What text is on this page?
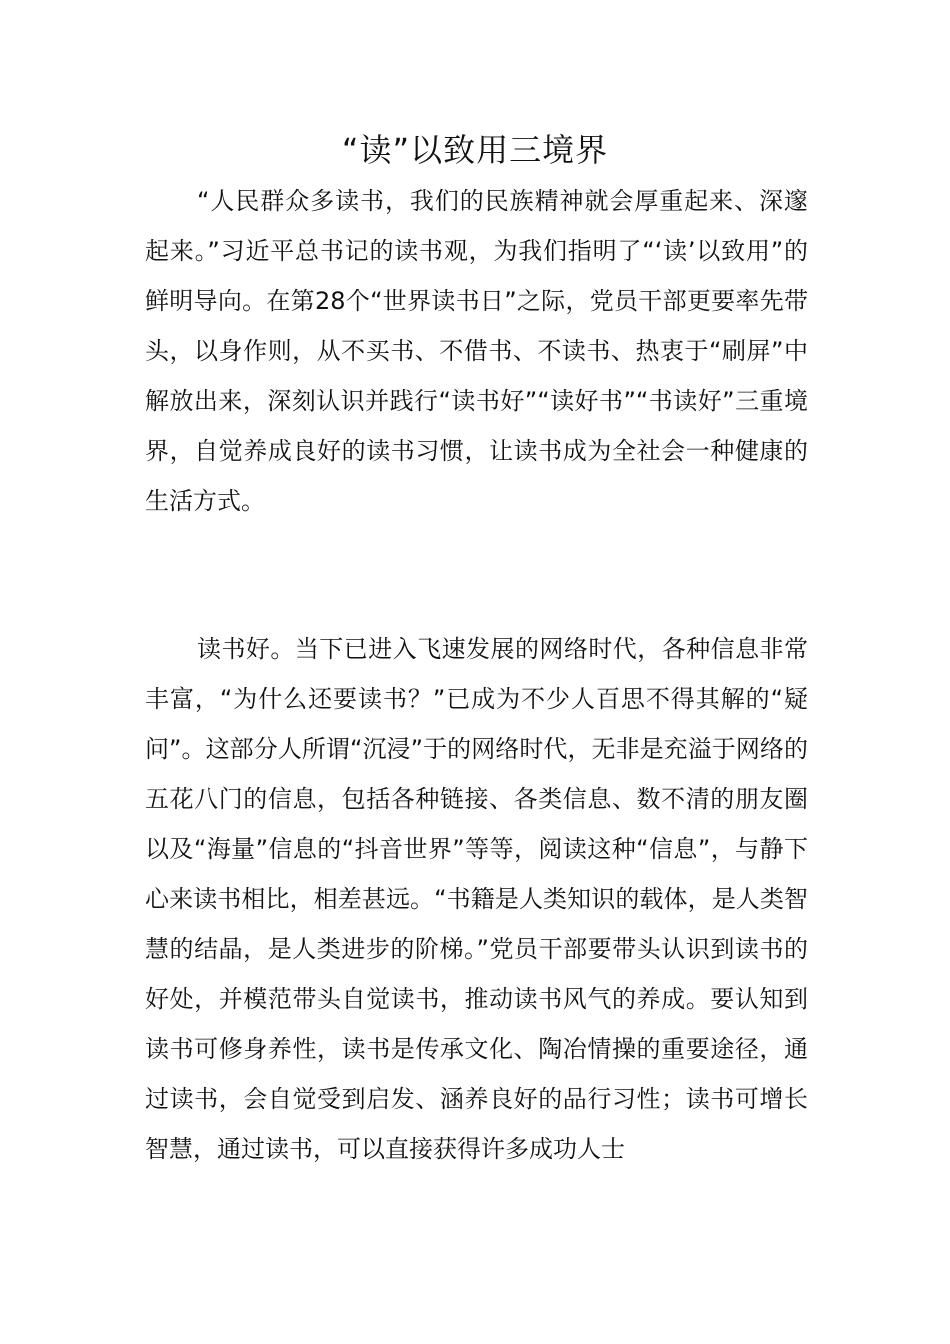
“读”以致用三境界

“人民群众多读书，我们的民族精神就会厚重起来、深邃起来。”习近平总书记的读书观，为我们指明了“‘读’以致用”的鲜明导向。在第28个“世界读书日”之际，党员干部更要率先带头，以身作则，从不买书、不借书、不读书、热衷于“刷屏”中解放出来，深刻认识并践行“读书好”“读好书”“书读好”三重境界，自觉养成良好的读书习惯，让读书成为全社会一种健康的生活方式。

读书好。当下已进入飞速发展的网络时代，各种信息非常丰富，“为什么还要读书？”已成为不少人百思不得其解的“疑问”。这部分人所谓“沉浸”于的网络时代，无非是充溢于网络的五花八门的信息，包括各种链接、各类信息、数不清的朋友圈以及“海量”信息的“抖音世界”等等，阅读这种“信息”，与静下心来读书相比，相差甚远。“书籍是人类知识的载体，是人类智慧的结晶，是人类进步的阶梯。”党员干部要带头认识到读书的好处，并模范带头自觉读书，推动读书风气的养成。要认知到读书可修身养性，读书是传承文化、陶冶情操的重要途径，通过读书，会自觉受到启发、涵养良好的品行习性；读书可增长智慧，通过读书，可以直接获得许多成功人士
